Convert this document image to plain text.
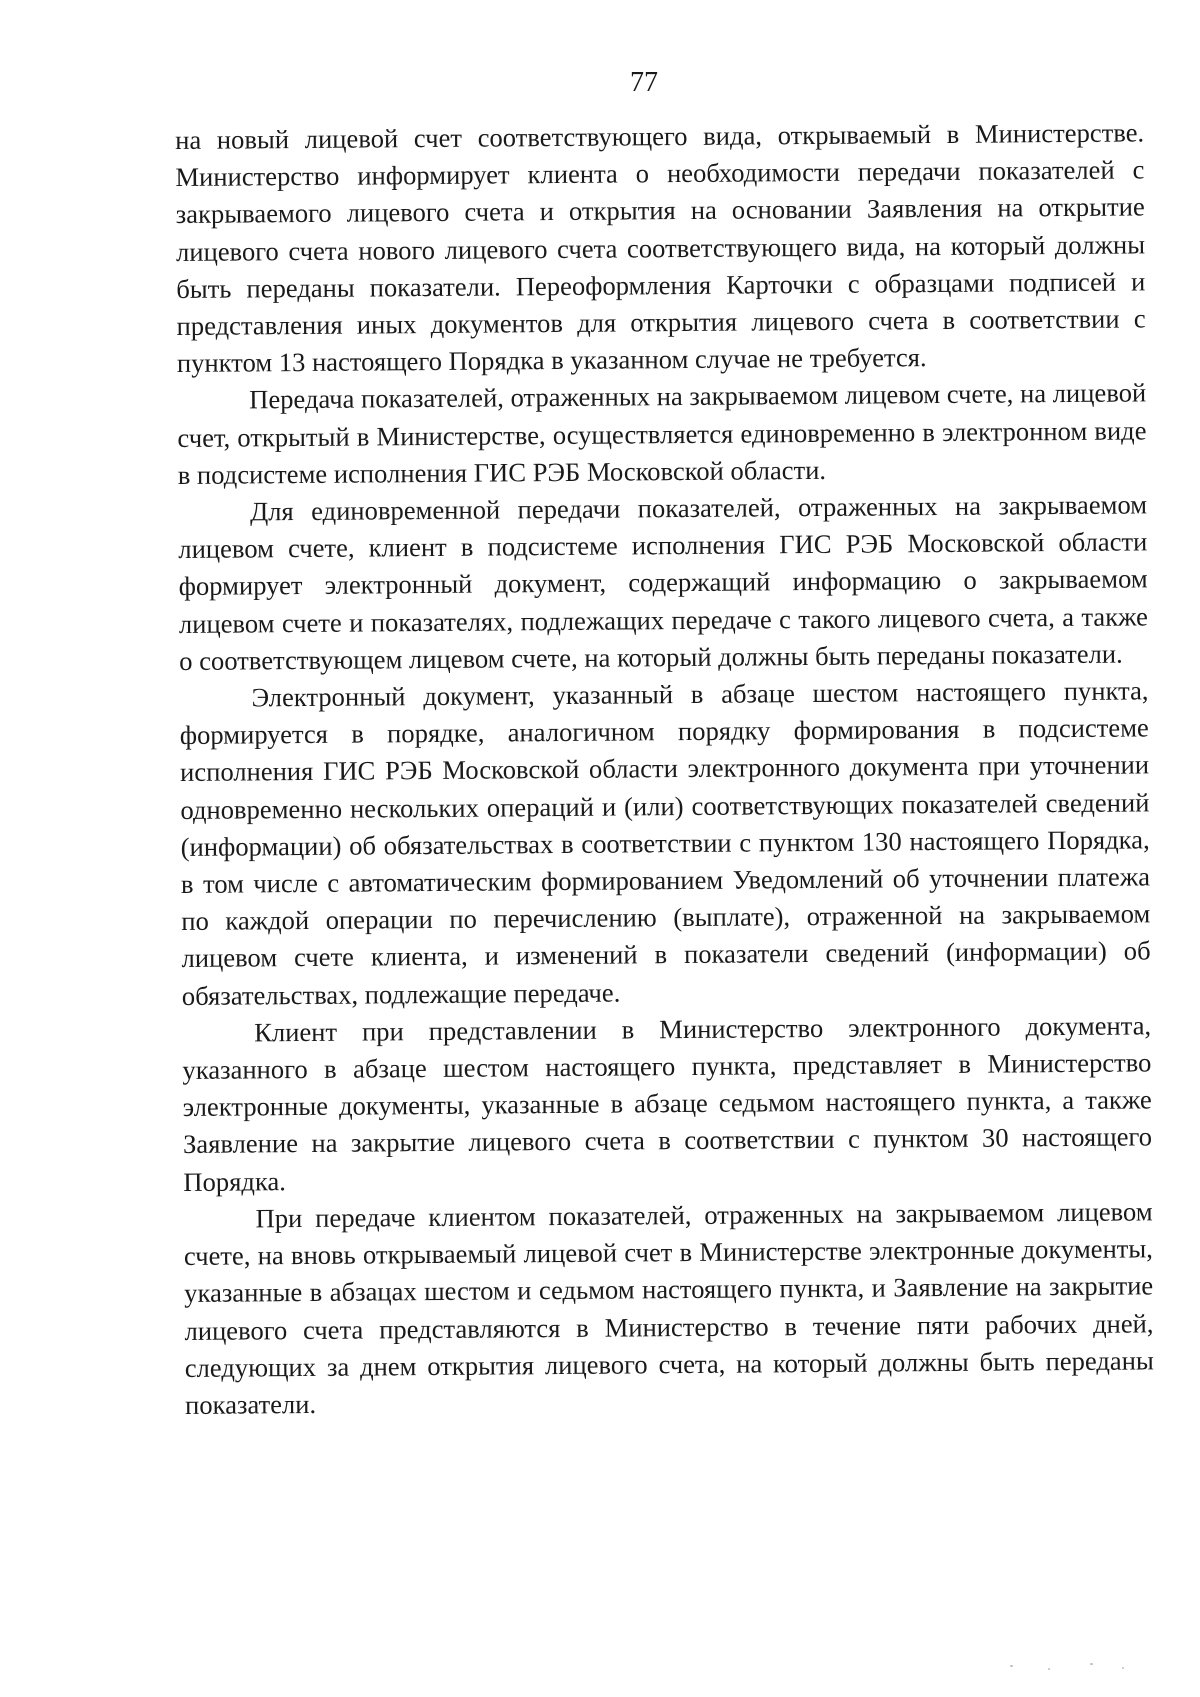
77

на новый лицевой счет соответствующего вида, открываемый в Министерстве. Министерство информирует клиента о необходимости передачи показателей с закрываемого лицевого счета и открытия на основании Заявления на открытие лицевого счета нового лицевого счета соответствующего вида, на который должны быть переданы показатели. Переоформления Карточки с образцами подписей и представления иных документов для открытия лицевого счета в соответствии с пунктом 13 настоящего Порядка в указанном случае не требуется.

Передача показателей, отраженных на закрываемом лицевом счете, на лицевой счет, открытый в Министерстве, осуществляется единовременно в электронном виде в подсистеме исполнения ГИС РЭБ Московской области.

Для единовременной передачи показателей, отраженных на закрываемом лицевом счете, клиент в подсистеме исполнения ГИС РЭБ Московской области формирует электронный документ, содержащий информацию о закрываемом лицевом счете и показателях, подлежащих передаче с такого лицевого счета, а также о соответствующем лицевом счете, на который должны быть переданы показатели.

Электронный документ, указанный в абзаце шестом настоящего пункта, формируется в порядке, аналогичном порядку формирования в подсистеме исполнения ГИС РЭБ Московской области электронного документа при уточнении одновременно нескольких операций и (или) соответствующих показателей сведений (информации) об обязательствах в соответствии с пунктом 130 настоящего Порядка, в том числе с автоматическим формированием Уведомлений об уточнении платежа по каждой операции по перечислению (выплате), отраженной на закрываемом лицевом счете клиента, и изменений в показатели сведений (информации) об обязательствах, подлежащие передаче.

Клиент при представлении в Министерство электронного документа, указанного в абзаце шестом настоящего пункта, представляет в Министерство электронные документы, указанные в абзаце седьмом настоящего пункта, а также Заявление на закрытие лицевого счета в соответствии с пунктом 30 настоящего Порядка.

При передаче клиентом показателей, отраженных на закрываемом лицевом счете, на вновь открываемый лицевой счет в Министерстве электронные документы, указанные в абзацах шестом и седьмом настоящего пункта, и Заявление на закрытие лицевого счета представляются в Министерство в течение пяти рабочих дней, следующих за днем открытия лицевого счета, на который должны быть переданы показатели.
